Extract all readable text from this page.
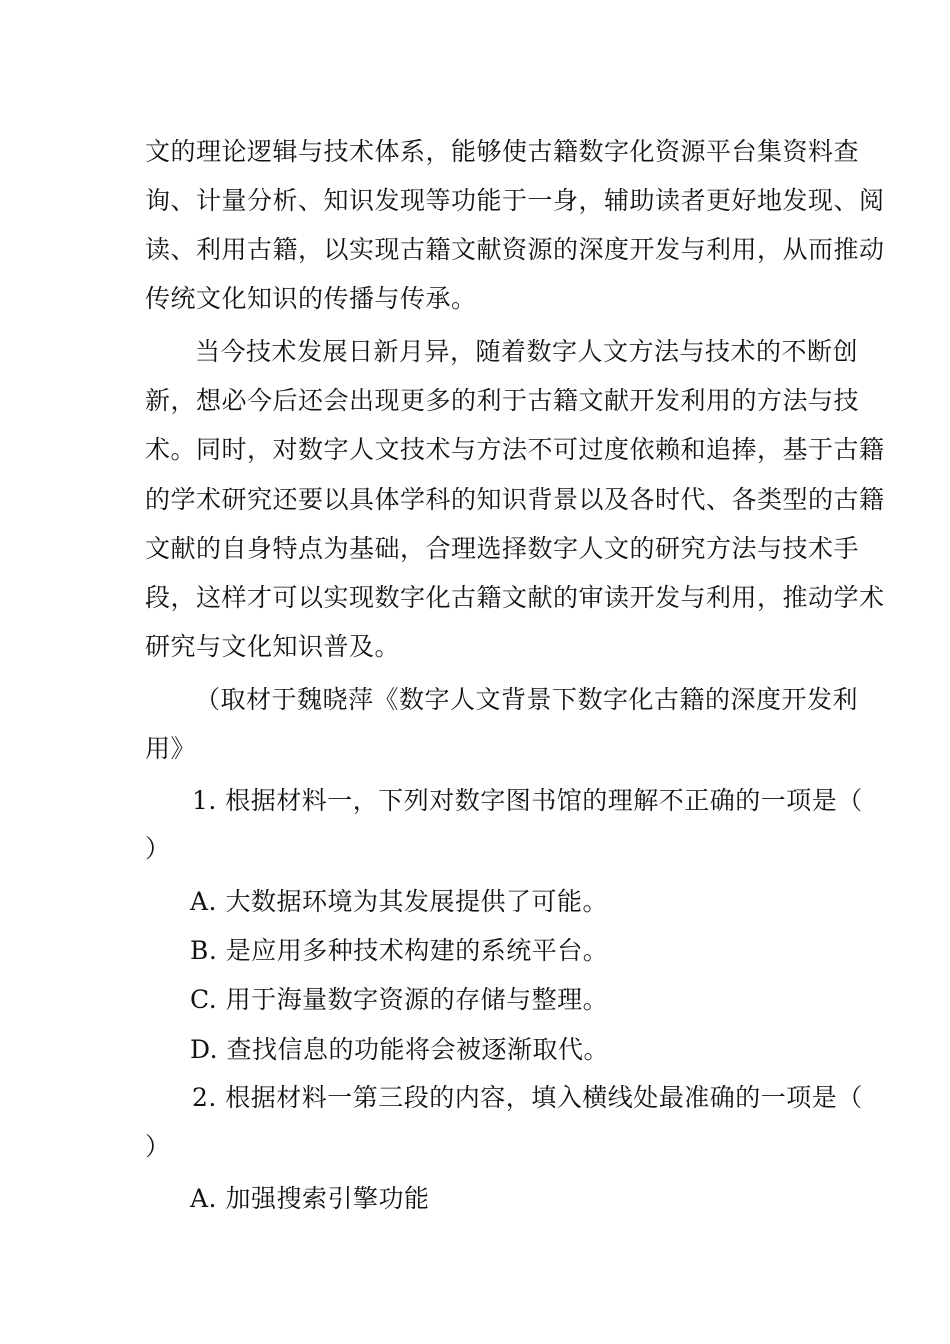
文的理论逻辑与技术体系，能够使古籍数字化资源平台集资料查
询、计量分析、知识发现等功能于一身，辅助读者更好地发现、阅
读、利用古籍，以实现古籍文献资源的深度开发与利用，从而推动
传统文化知识的传播与传承。
当今技术发展日新月异，随着数字人文方法与技术的不断创
新，想必今后还会出现更多的利于古籍文献开发利用的方法与技
术。同时，对数字人文技术与方法不可过度依赖和追捧，基于古籍
的学术研究还要以具体学科的知识背景以及各时代、各类型的古籍
文献的自身特点为基础，合理选择数字人文的研究方法与技术手
段，这样才可以实现数字化古籍文献的审读开发与利用，推动学术
研究与文化知识普及。
（取材于魏晓萍《数字人文背景下数字化古籍的深度开发利
用》
1. 根据材料一，下列对数字图书馆的理解不正确的一项是（
）
A. 大数据环境为其发展提供了可能。
B. 是应用多种技术构建的系统平台。
C. 用于海量数字资源的存储与整理。
D. 查找信息的功能将会被逐渐取代。
2. 根据材料一第三段的内容，填入横线处最准确的一项是（
）
A. 加强搜索引擎功能
